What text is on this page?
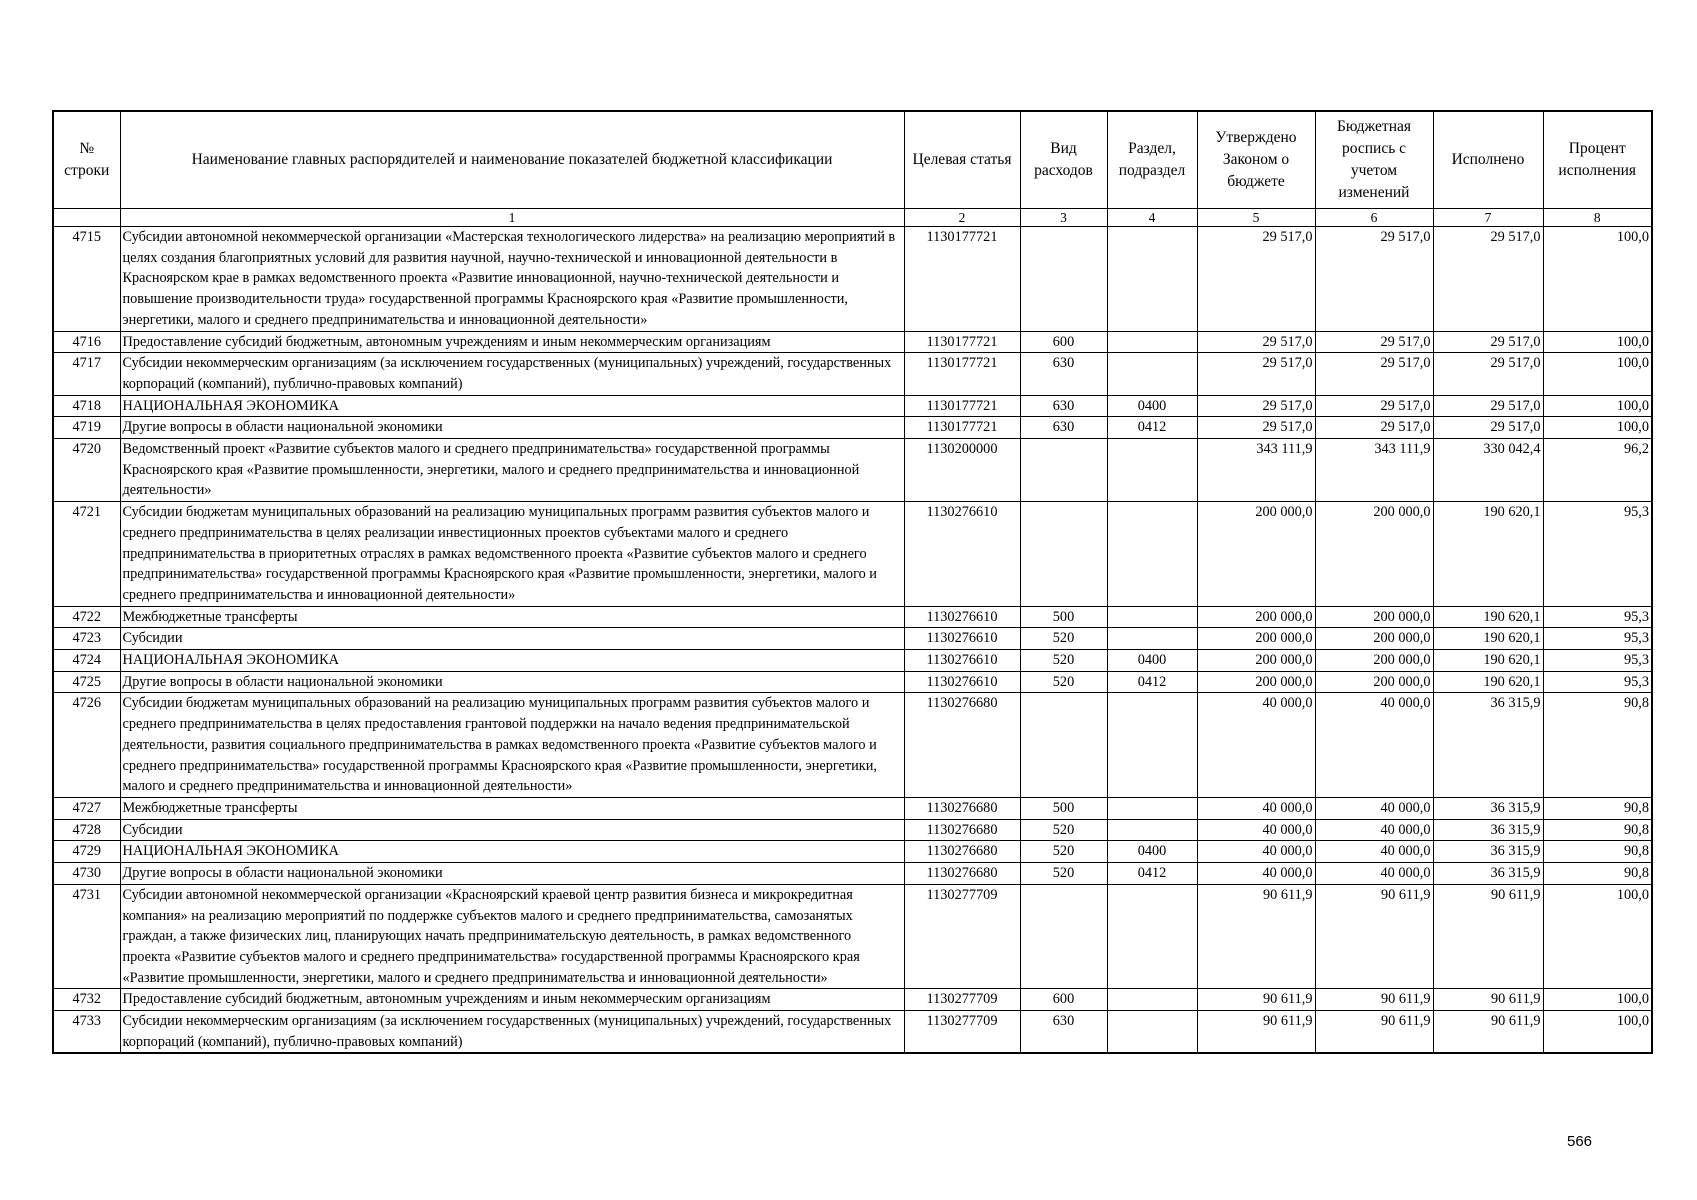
№ строки	Наименование главных распорядителей и наименование показателей бюджетной классификации	Целевая статья	Вид расходов	Раздел, подраздел	Утверждено Законом о бюджете	Бюджетная роспись с учетом изменений	Исполнено	Процент исполнения
	1	2	3	4	5	6	7	8
4715	Субсидии автономной некоммерческой организации «Мастерская технологического лидерства» на реализацию мероприятий в целях создания благоприятных условий для развития научной, научно-технической и инновационной деятельности в Красноярском крае в рамках ведомственного проекта «Развитие инновационной, научно-технической деятельности и повышение производительности труда» государственной программы Красноярского края «Развитие промышленности, энергетики, малого и среднего предпринимательства и инновационной деятельности»	1130177721			29 517,0	29 517,0	29 517,0	100,0
4716	Предоставление субсидий бюджетным, автономным учреждениям и иным некоммерческим организациям	1130177721	600		29 517,0	29 517,0	29 517,0	100,0
4717	Субсидии некоммерческим организациям (за исключением государственных (муниципальных) учреждений, государственных корпораций (компаний), публично-правовых компаний)	1130177721	630		29 517,0	29 517,0	29 517,0	100,0
4718	НАЦИОНАЛЬНАЯ ЭКОНОМИКА	1130177721	630	0400	29 517,0	29 517,0	29 517,0	100,0
4719	Другие вопросы в области национальной экономики	1130177721	630	0412	29 517,0	29 517,0	29 517,0	100,0
4720	Ведомственный проект «Развитие субъектов малого и среднего предпринимательства» государственной программы Красноярского края «Развитие промышленности, энергетики, малого и среднего предпринимательства и инновационной деятельности»	1130200000			343 111,9	343 111,9	330 042,4	96,2
4721	Субсидии бюджетам муниципальных образований на реализацию муниципальных программ развития субъектов малого и среднего предпринимательства в целях реализации инвестиционных проектов субъектами малого и среднего предпринимательства в приоритетных отраслях в рамках ведомственного проекта «Развитие субъектов малого и среднего предпринимательства» государственной программы Красноярского края «Развитие промышленности, энергетики, малого и среднего предпринимательства и инновационной деятельности»	1130276610			200 000,0	200 000,0	190 620,1	95,3
4722	Межбюджетные трансферты	1130276610	500		200 000,0	200 000,0	190 620,1	95,3
4723	Субсидии	1130276610	520		200 000,0	200 000,0	190 620,1	95,3
4724	НАЦИОНАЛЬНАЯ ЭКОНОМИКА	1130276610	520	0400	200 000,0	200 000,0	190 620,1	95,3
4725	Другие вопросы в области национальной экономики	1130276610	520	0412	200 000,0	200 000,0	190 620,1	95,3
4726	Субсидии бюджетам муниципальных образований на реализацию муниципальных программ развития субъектов малого и среднего предпринимательства в целях предоставления грантовой поддержки на начало ведения предпринимательской деятельности, развития социального предпринимательства в рамках ведомственного проекта «Развитие субъектов малого и среднего предпринимательства» государственной программы Красноярского края «Развитие промышленности, энергетики, малого и среднего предпринимательства и инновационной деятельности»	1130276680			40 000,0	40 000,0	36 315,9	90,8
4727	Межбюджетные трансферты	1130276680	500		40 000,0	40 000,0	36 315,9	90,8
4728	Субсидии	1130276680	520		40 000,0	40 000,0	36 315,9	90,8
4729	НАЦИОНАЛЬНАЯ ЭКОНОМИКА	1130276680	520	0400	40 000,0	40 000,0	36 315,9	90,8
4730	Другие вопросы в области национальной экономики	1130276680	520	0412	40 000,0	40 000,0	36 315,9	90,8
4731	Субсидии автономной некоммерческой организации «Красноярский краевой центр развития бизнеса и микрокредитная компания» на реализацию мероприятий по поддержке субъектов малого и среднего предпринимательства, самозанятых граждан, а также физических лиц, планирующих начать предпринимательскую деятельность, в рамках ведомственного проекта «Развитие субъектов малого и среднего предпринимательства» государственной программы Красноярского края «Развитие промышленности, энергетики, малого и среднего предпринимательства и инновационной деятельности»	1130277709			90 611,9	90 611,9	90 611,9	100,0
4732	Предоставление субсидий бюджетным, автономным учреждениям и иным некоммерческим организациям	1130277709	600		90 611,9	90 611,9	90 611,9	100,0
4733	Субсидии некоммерческим организациям (за исключением государственных (муниципальных) учреждений, государственных корпораций (компаний), публично-правовых компаний)	1130277709	630		90 611,9	90 611,9	90 611,9	100,0
566
